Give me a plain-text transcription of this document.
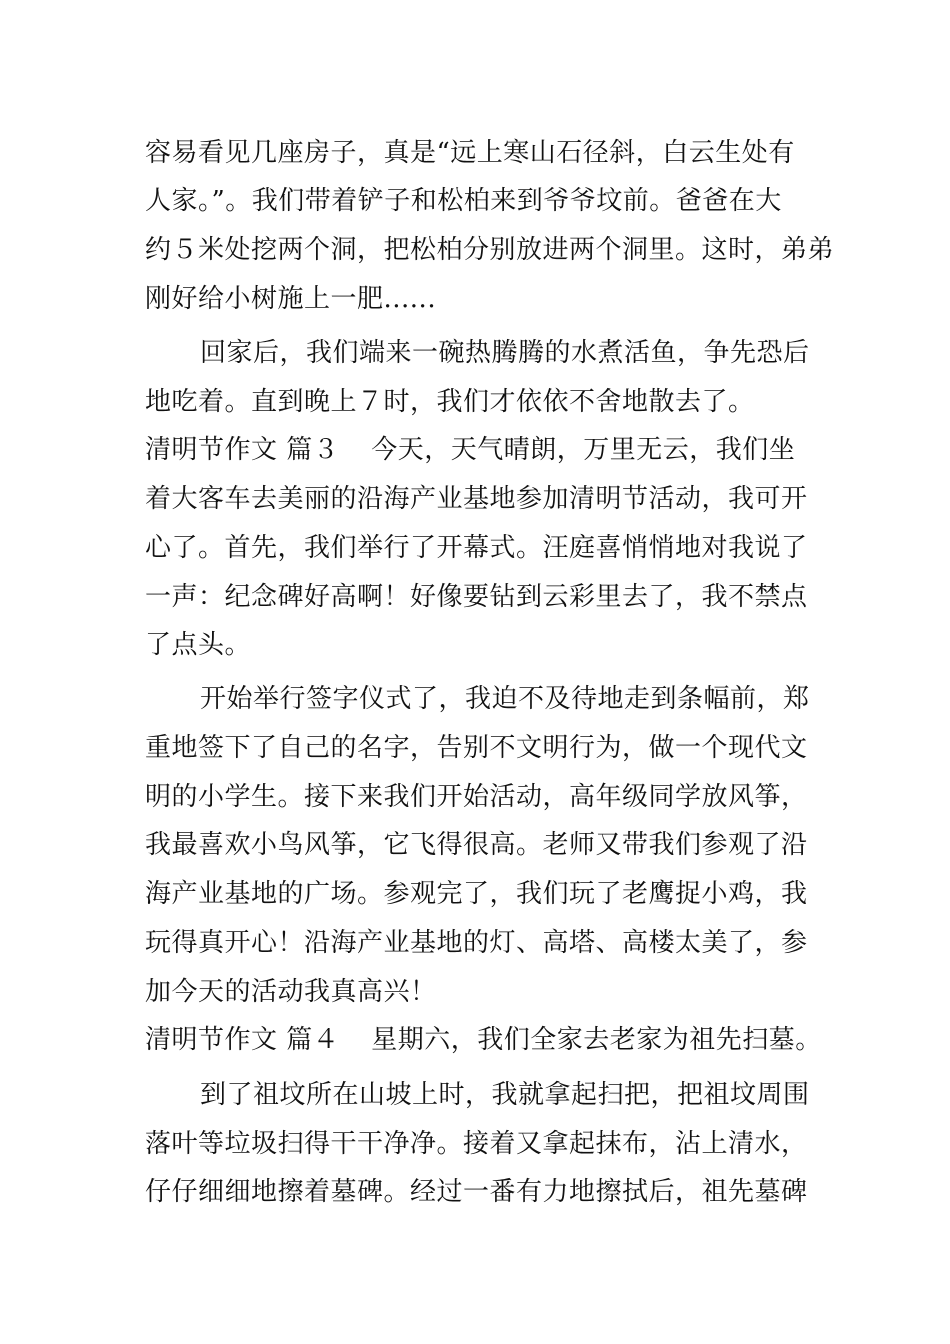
容易看见几座房子，真是“远上寒山石径斜，白云生处有
人家。”。我们带着铲子和松柏来到爷爷坟前。爸爸在大
约５米处挖两个洞，把松柏分别放进两个洞里。这时，弟弟
刚好给小树施上一肥......
回家后，我们端来一碗热腾腾的水煮活鱼，争先恐后
地吃着。直到晚上７时，我们才依依不舍地散去了。
清明节作文 篇３ 今天，天气晴朗，万里无云，我们坐
着大客车去美丽的沿海产业基地参加清明节活动，我可开
心了。首先，我们举行了开幕式。汪庭喜悄悄地对我说了
一声：纪念碑好高啊！好像要钻到云彩里去了，我不禁点
了点头。
开始举行签字仪式了，我迫不及待地走到条幅前，郑
重地签下了自己的名字，告别不文明行为，做一个现代文
明的小学生。接下来我们开始活动，高年级同学放风筝，
我最喜欢小鸟风筝，它飞得很高。老师又带我们参观了沿
海产业基地的广场。参观完了，我们玩了老鹰捉小鸡，我
玩得真开心！沿海产业基地的灯、高塔、高楼太美了，参
加今天的活动我真高兴！
清明节作文 篇４ 星期六，我们全家去老家为祖先扫墓。
到了祖坟所在山坡上时，我就拿起扫把，把祖坟周围
落叶等垃圾扫得干干净净。接着又拿起抹布，沾上清水，
仔仔细细地擦着墓碑。经过一番有力地擦拭后，祖先墓碑
